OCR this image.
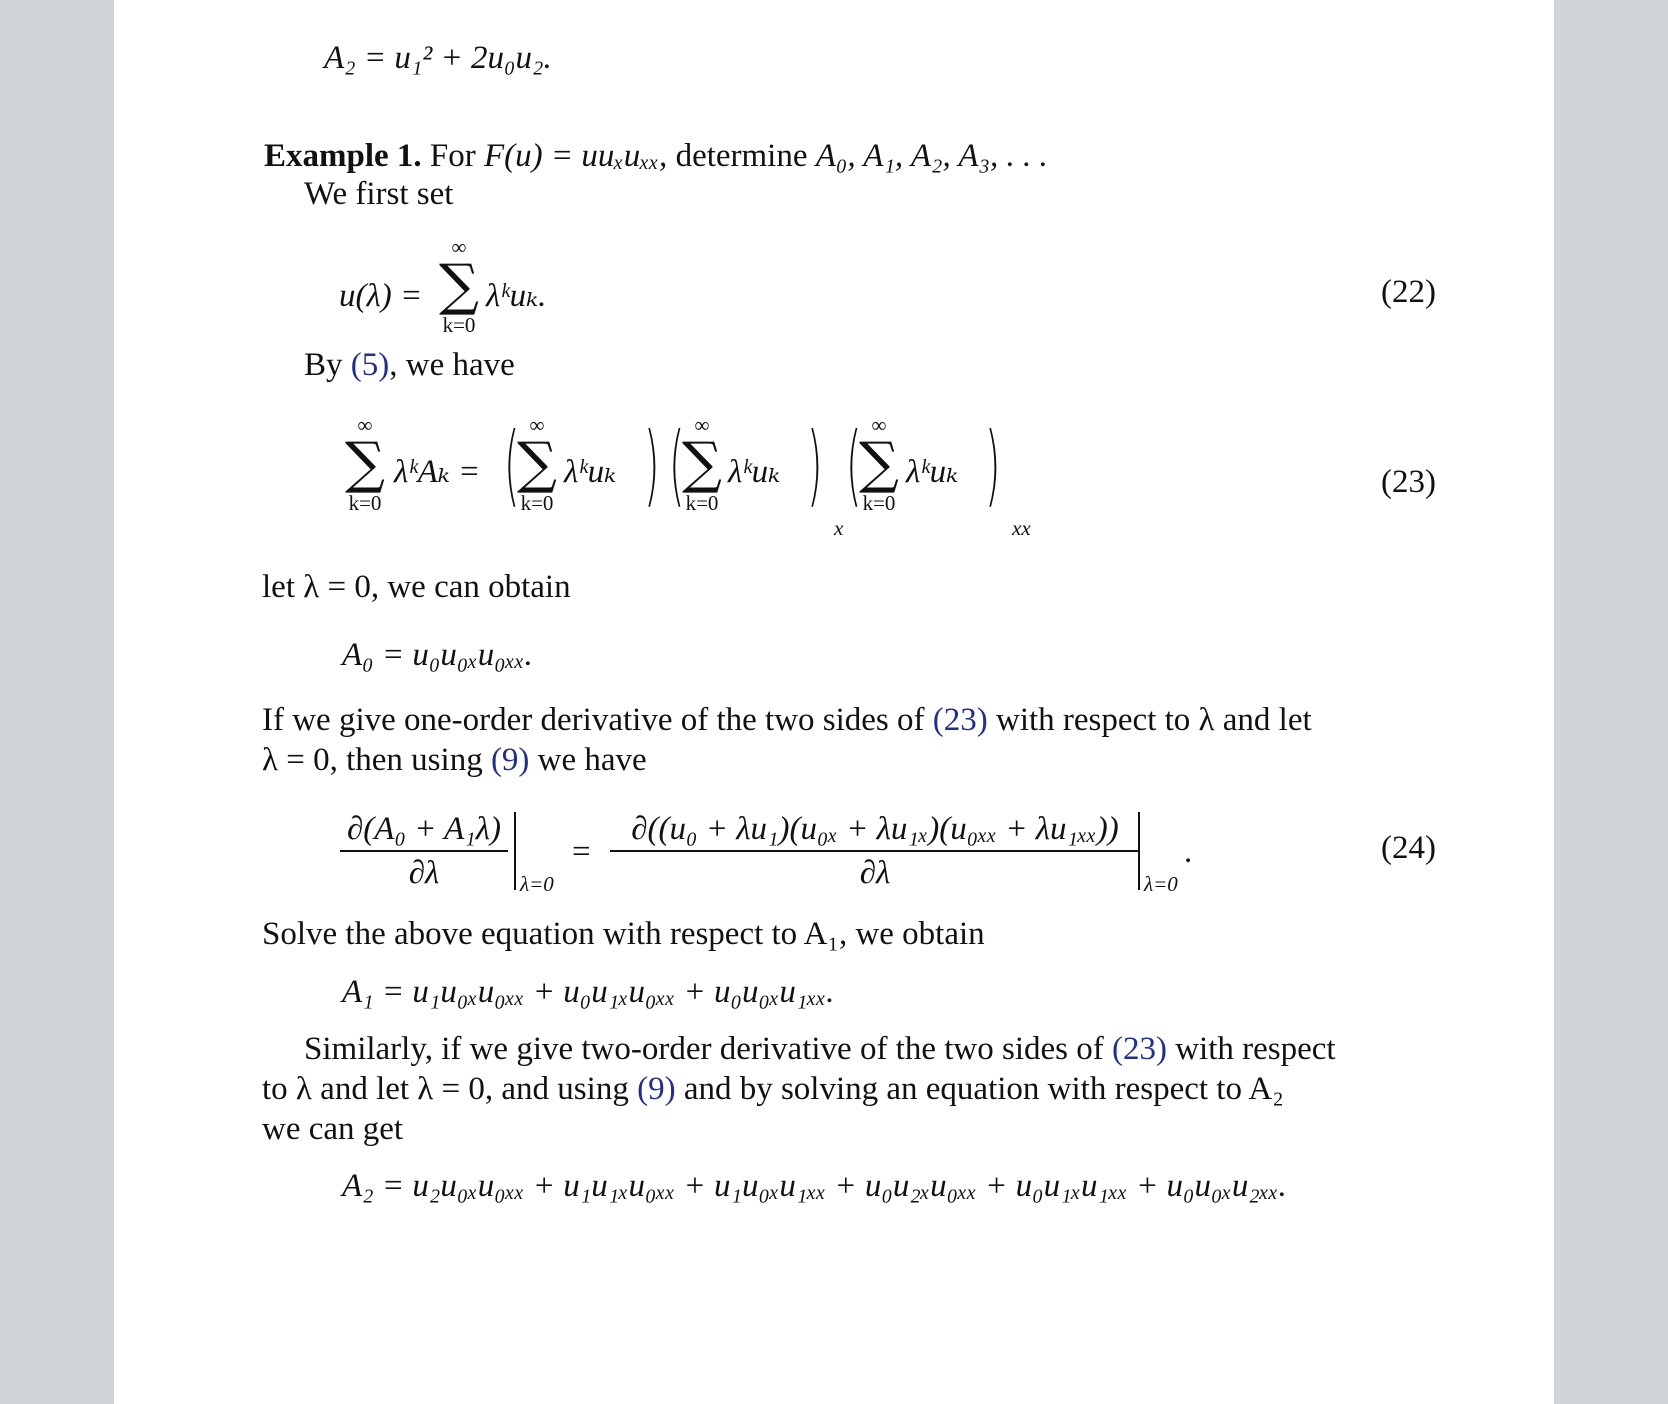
A₂ = u₁² + 2u₀u₂.
Example 1. For F(u) = uuₓuₓₓ, determine A₀, A₁, A₂, A₃, . . .
We first set
u(λ) =
∞
∑
k=0
λᵏuₖ.	(22)
By (5), we have
∞
∑
k=0
λᵏAₖ = ( ∞
∑
k=0
λᵏuₖ ) ( ∞
∑
k=0
λᵏuₖ )
x
( ∞
∑
k=0
λᵏuₖ )
xx
(23)
let λ = 0, we can obtain
A₀ = u₀u₀ₓu₀ₓₓ.
If we give one-order derivative of the two sides of (23) with respect to λ and let
λ = 0, then using (9) we have
∂(A₀ + A₁λ)
∂λ	λ=0
=
∂((u₀ + λu₁)(u₀ₓ + λu₁ₓ)(u₀ₓₓ + λu₁ₓₓ))
∂λ	λ=0
.	(24)
Solve the above equation with respect to A₁, we obtain
A₁ = u₁u₀ₓu₀ₓₓ + u₀u₁ₓu₀ₓₓ + u₀u₀ₓu₁ₓₓ.
Similarly, if we give two-order derivative of the two sides of (23) with respect
to λ and let λ = 0, and using (9) and by solving an equation with respect to A₂
we can get
A₂ = u₂u₀ₓu₀ₓₓ + u₁u₁ₓu₀ₓₓ + u₁u₀ₓu₁ₓₓ + u₀u₂ₓu₀ₓₓ + u₀u₁ₓu₁ₓₓ + u₀u₀ₓu₂ₓₓ.
